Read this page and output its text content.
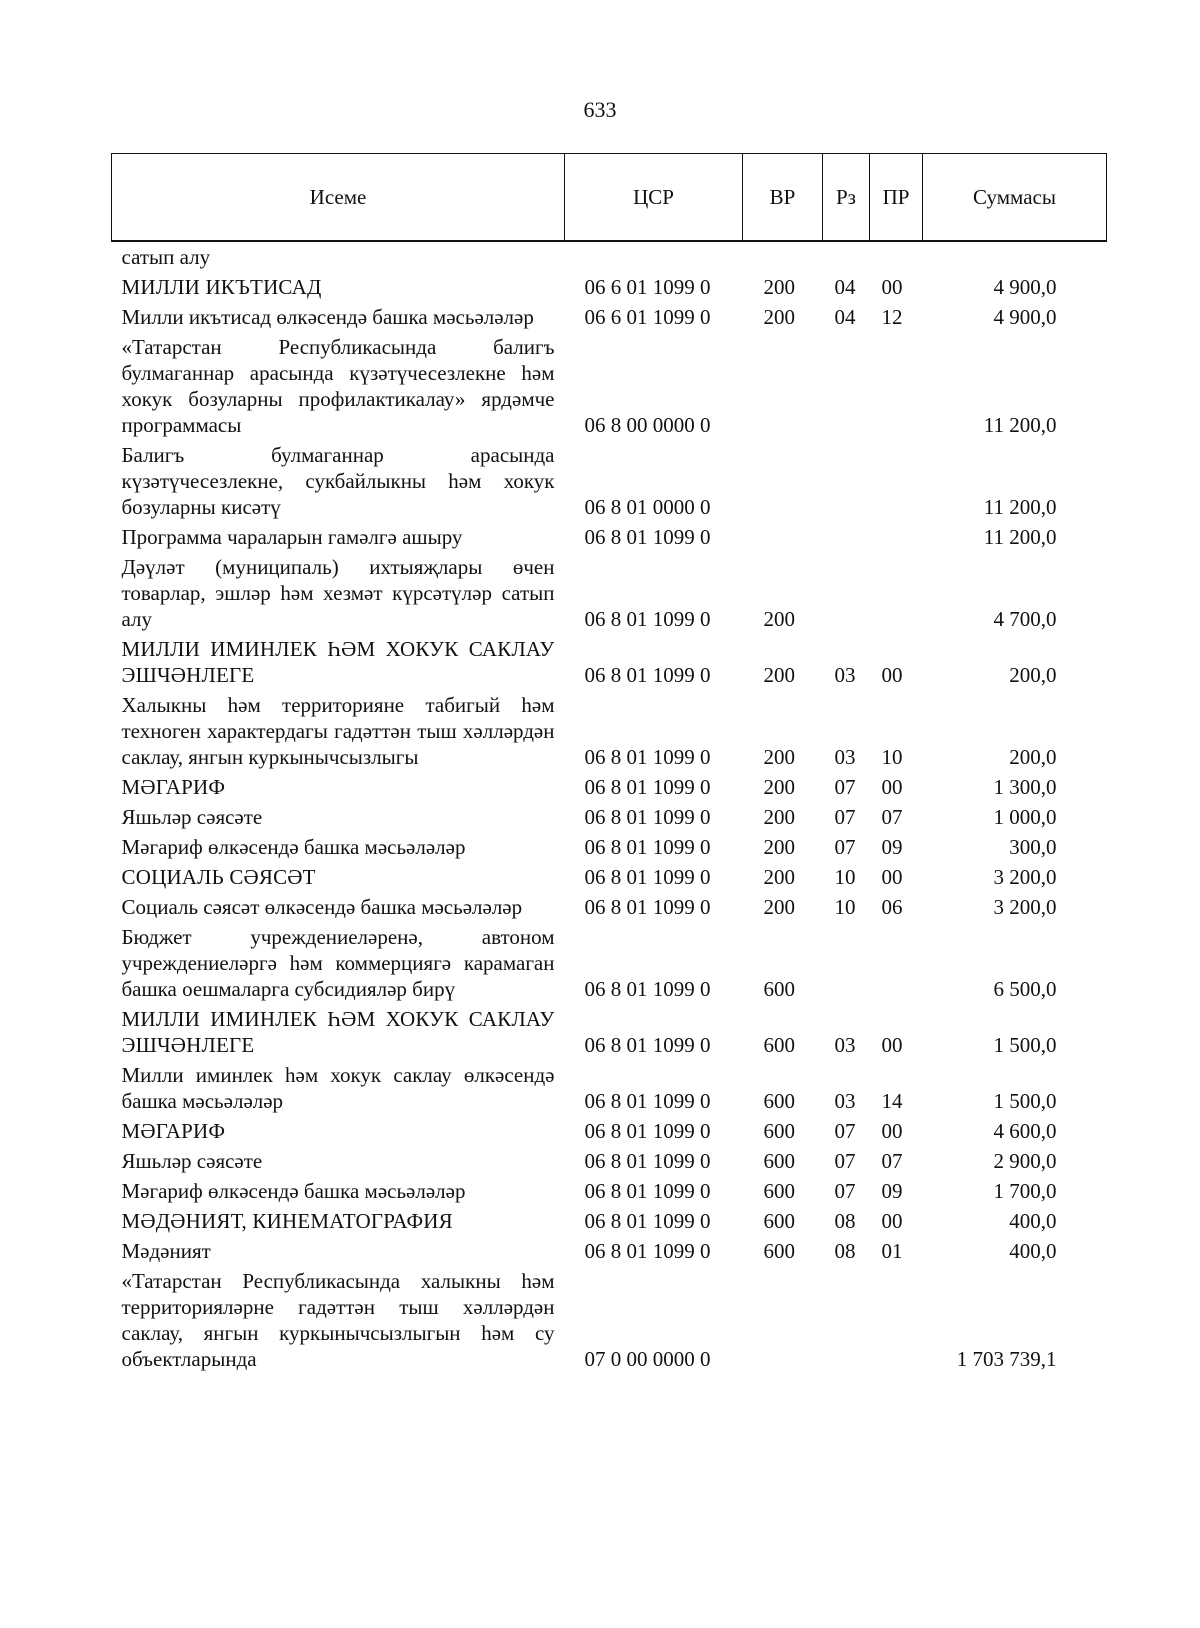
633
Исеме	ЦСР	ВР	Рз	ПР	Суммасы
сатып алу					
МИЛЛИ ИКЪТИСАД	06 6 01 1099 0	200	04	00	4 900,0
Милли икътисад өлкәсендә башка мәсьәләләр	06 6 01 1099 0	200	04	12	4 900,0
«Татарстан Республикасында балигъ булмаганнар арасында күзәтүчесезлекне һәм хокук бозуларны профилактикалау» ярдәмче программасы	06 8 00 0000 0				11 200,0
Балигъ булмаганнар арасында күзәтүчесезлекне, сукбайлыкны һәм хокук бозуларны кисәтү	06 8 01 0000 0				11 200,0
Программа чараларын гамәлгә ашыру	06 8 01 1099 0				11 200,0
Дәүләт (муниципаль) ихтыяҗлары өчен товарлар, эшләр һәм хезмәт күрсәтүләр сатып алу	06 8 01 1099 0	200			4 700,0
МИЛЛИ ИМИНЛЕК ҺӘМ ХОКУК САКЛАУ ЭШЧӘНЛЕГЕ	06 8 01 1099 0	200	03	00	200,0
Халыкны һәм территорияне табигый һәм техноген характердагы гадәттән тыш хәлләрдән саклау, янгын куркынычсызлыгы	06 8 01 1099 0	200	03	10	200,0
МӘГАРИФ	06 8 01 1099 0	200	07	00	1 300,0
Яшьләр сәясәте	06 8 01 1099 0	200	07	07	1 000,0
Мәгариф өлкәсендә башка мәсьәләләр	06 8 01 1099 0	200	07	09	300,0
СОЦИАЛЬ СӘЯСӘТ	06 8 01 1099 0	200	10	00	3 200,0
Социаль сәясәт өлкәсендә башка мәсьәләләр	06 8 01 1099 0	200	10	06	3 200,0
Бюджет учреждениеләренә, автоном учреждениеләргә һәм коммерциягә карамаган башка оешмаларга субсидияләр бирү	06 8 01 1099 0	600			6 500,0
МИЛЛИ ИМИНЛЕК ҺӘМ ХОКУК САКЛАУ ЭШЧӘНЛЕГЕ	06 8 01 1099 0	600	03	00	1 500,0
Милли иминлек һәм хокук саклау өлкәсендә башка мәсьәләләр	06 8 01 1099 0	600	03	14	1 500,0
МӘГАРИФ	06 8 01 1099 0	600	07	00	4 600,0
Яшьләр сәясәте	06 8 01 1099 0	600	07	07	2 900,0
Мәгариф өлкәсендә башка мәсьәләләр	06 8 01 1099 0	600	07	09	1 700,0
МӘДӘНИЯТ, КИНЕМАТОГРАФИЯ	06 8 01 1099 0	600	08	00	400,0
Мәдәният	06 8 01 1099 0	600	08	01	400,0
«Татарстан Республикасында халыкны һәм территорияләрне гадәттән тыш хәлләрдән саклау, янгын куркынычсызлыгын һәм су объектларында	07 0 00 0000 0				1 703 739,1
